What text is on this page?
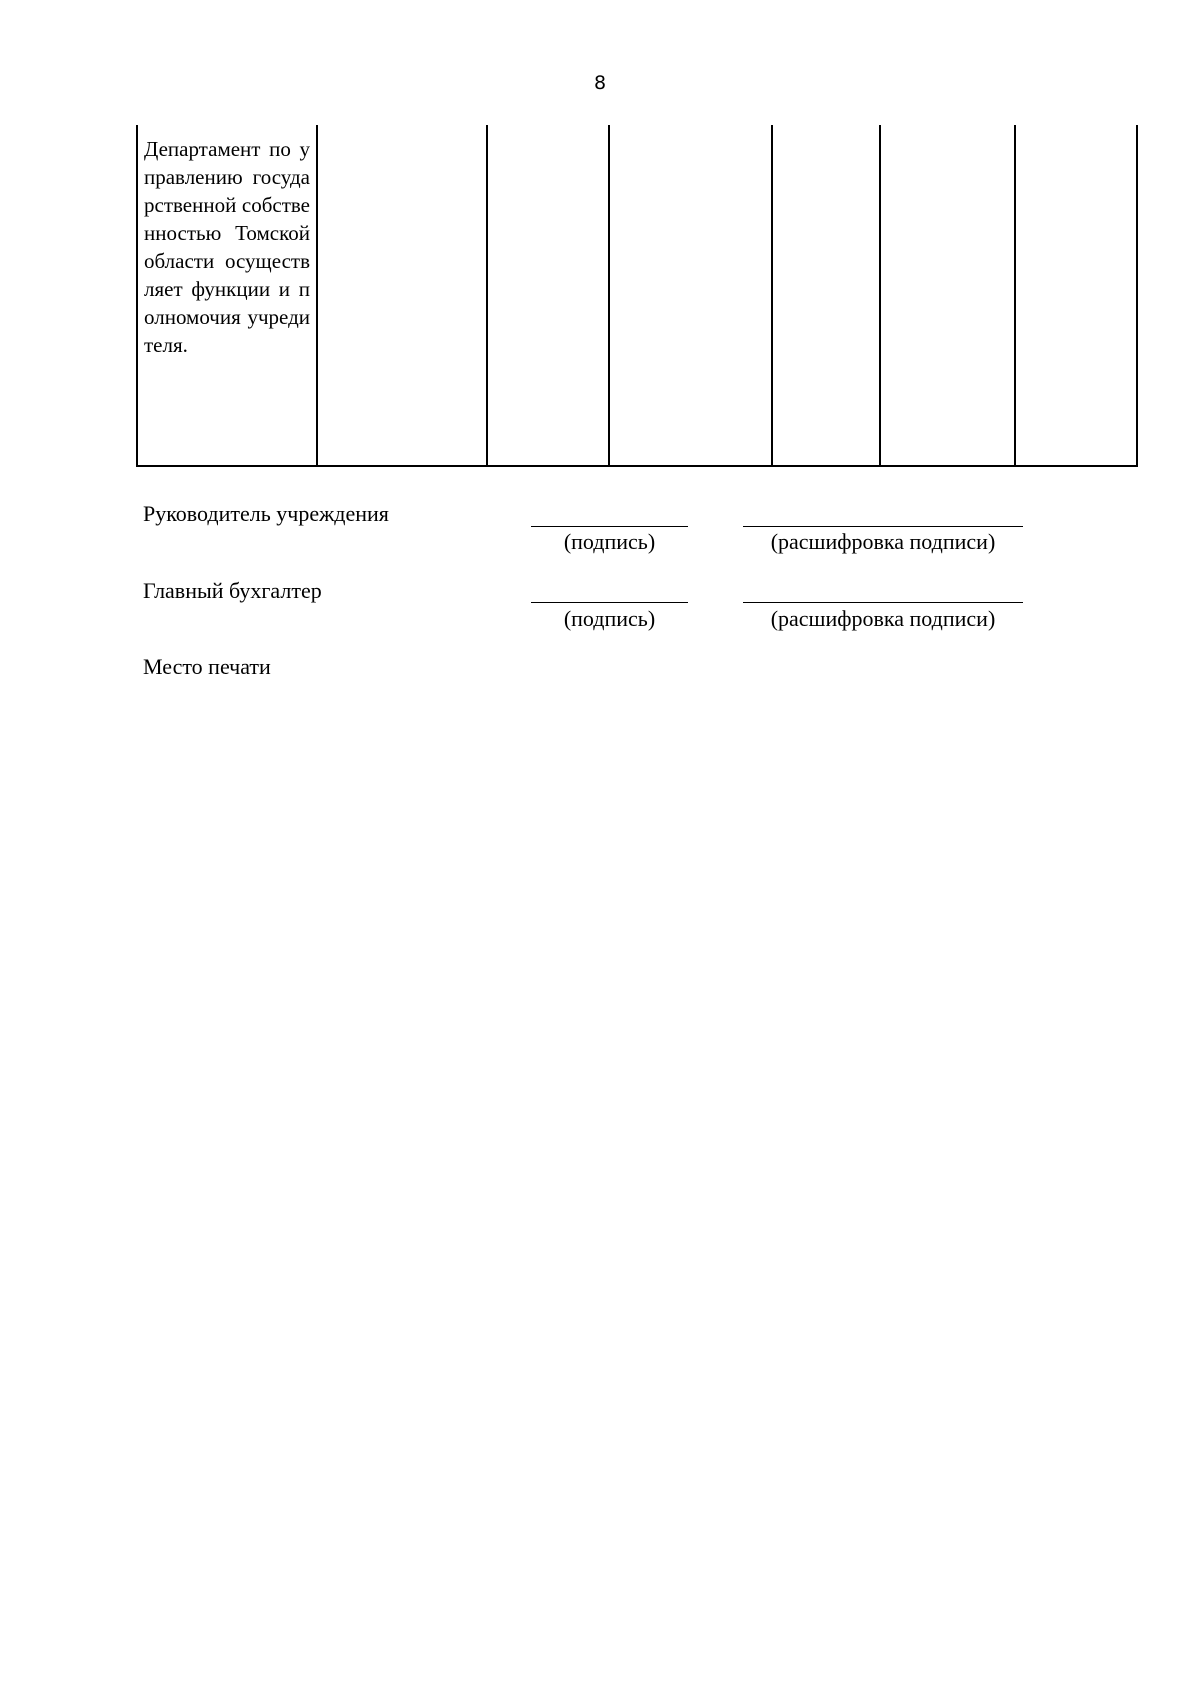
8
Департамент по управлению государственной собственностью Томской области осуществляет функции и полномочия учредителя.						
Руководитель учреждения
(подпись)	(расшифровка подписи)
Главный бухгалтер
(подпись)	(расшифровка подписи)
Место печати
